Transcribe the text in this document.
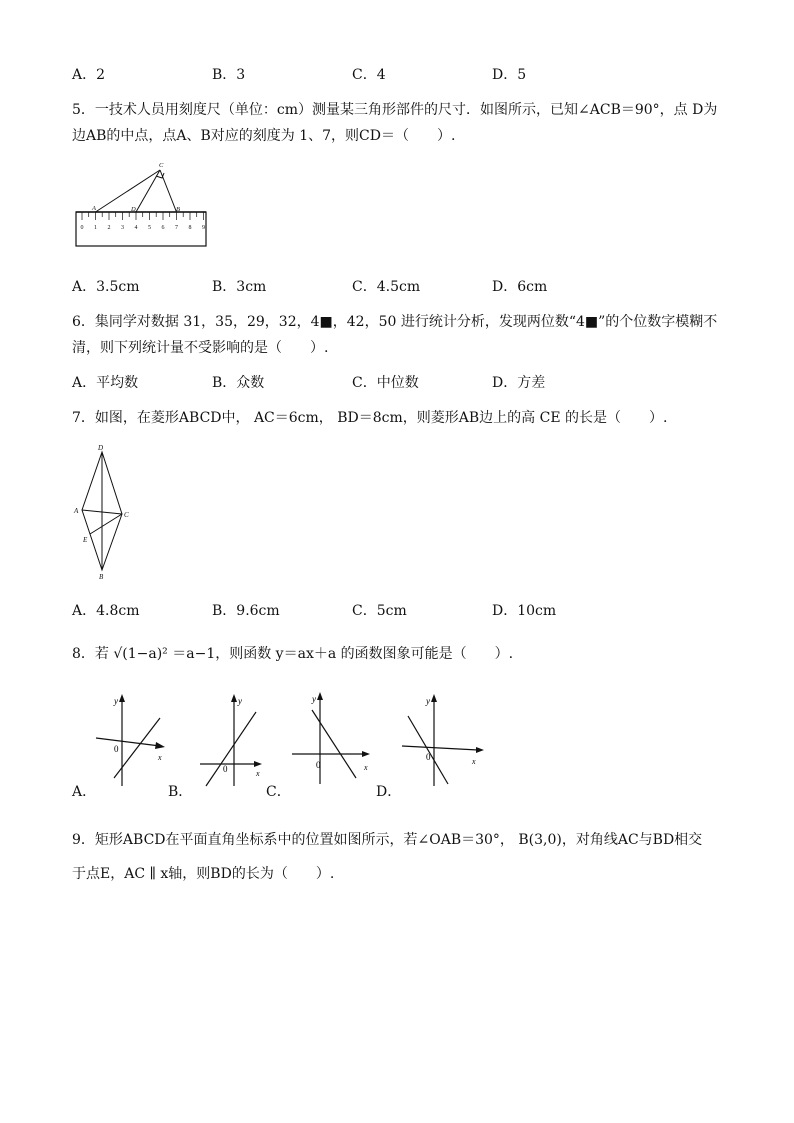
A．2	B．3	C．4	D．5
5．一技术人员用刻度尺（单位：cm）测量某三角形部件的尺寸．如图所示，已知∠ACB＝90°，点 D为
边AB的中点，点A、B对应的刻度为 1、7，则CD＝（　　）.
0 1 2 3 4 5 6 7 8 9
A
C
D	B
A．3.5cm	B．3cm	C．4.5cm	D．6cm
6．集同学对数据 31，35，29，32，4■，42，50 进行统计分析，发现两位数“4■”的个位数字模糊不
清，则下列统计量不受影响的是（　　）.
A．平均数	B．众数	C．中位数	D．方差
7．如图，在菱形ABCD中， AC＝6cm， BD＝8cm，则菱形AB边上的高 CE 的长是（　　）.
D
A	C
E
B
A．4.8cm	B．9.6cm	C．5cm	D．10cm
8．若 √(1−a)² ＝a−1，则函数 y＝ax＋a 的函数图象可能是（　　）.
y
x
0
A．
y
x
0
B．
y
x
0
C．
y
x
0
D．
9．矩形ABCD在平面直角坐标系中的位置如图所示，若∠OAB＝30°， B(3,0)，对角线AC与BD相交
于点E，AC ∥ x轴，则BD的长为（　　）.
